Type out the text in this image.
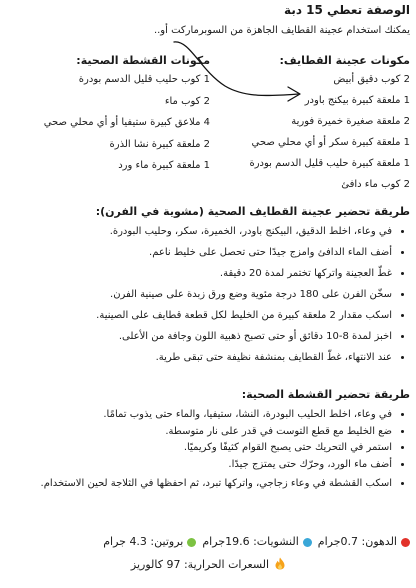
الوصفة تعطي 15 دبة

يمكنك استخدام عجينة القطايف الجاهزة من السوبرماركت أو..

مكونات عجينة القطايف:
2 كوب دقيق أبيض
1 ملعقة كبيرة بيكنج باودر
2 ملعقة صغيرة خميرة فورية
1 ملعقة كبيرة سكر أو أي محلي صحي
1 ملعقة كبيرة حليب قليل الدسم بودرة
2 كوب ماء دافئ
مكونات القشطة الصحية:
1 كوب حليب قليل الدسم بودرة
2 كوب ماء
4 ملاعق كبيرة ستيفيا أو أي محلي صحي
2 ملعقة كبيرة نشا الذرة
1 ملعقة كبيرة ماء ورد
طريقة تحضير عجينة القطايف الصحية (مشوية في الفرن):
• في وعاء، اخلط الدقيق، البيكنج باودر، الخميرة، سكر، وحليب البودرة.
• أضف الماء الدافئ وامزج جيدًا حتى تحصل على خليط ناعم.
• غطّ العجينة واتركها تختمر لمدة 20 دقيقة.
• سخّن الفرن على 180 درجة مئوية وضع ورق زبدة على صينية الفرن.
• اسكب مقدار 2 ملعقة كبيرة من الخليط لكل قطعة قطايف على الصينية.
• اخبز لمدة 8-10 دقائق أو حتى تصبح ذهبية اللون وجافة من الأعلى.
• عند الانتهاء، غطّ القطايف بمنشفة نظيفة حتى تبقى طرية.
طريقة تحضير القشطة الصحية:
• في وعاء، اخلط الحليب البودرة، النشا، ستيفيا، والماء حتى يذوب تمامًا.
• ضع الخليط مع قطع التوست في قدر على نار متوسطة.
• استمر في التحريك حتى يصبح القوام كثيفًا وكريميًا.
• أضف ماء الورد، وحرّك حتى يمتزج جيدًا.
• اسكب القشطة في وعاء زجاجي، واتركها تبرد، ثم احفظها في الثلاجة لحين الاستخدام.
الدهون: 0.7جرام
النشويات: 19.6جرام
بروتين: 4.3 جرام
السعرات الحرارية: 97 كالوريز
